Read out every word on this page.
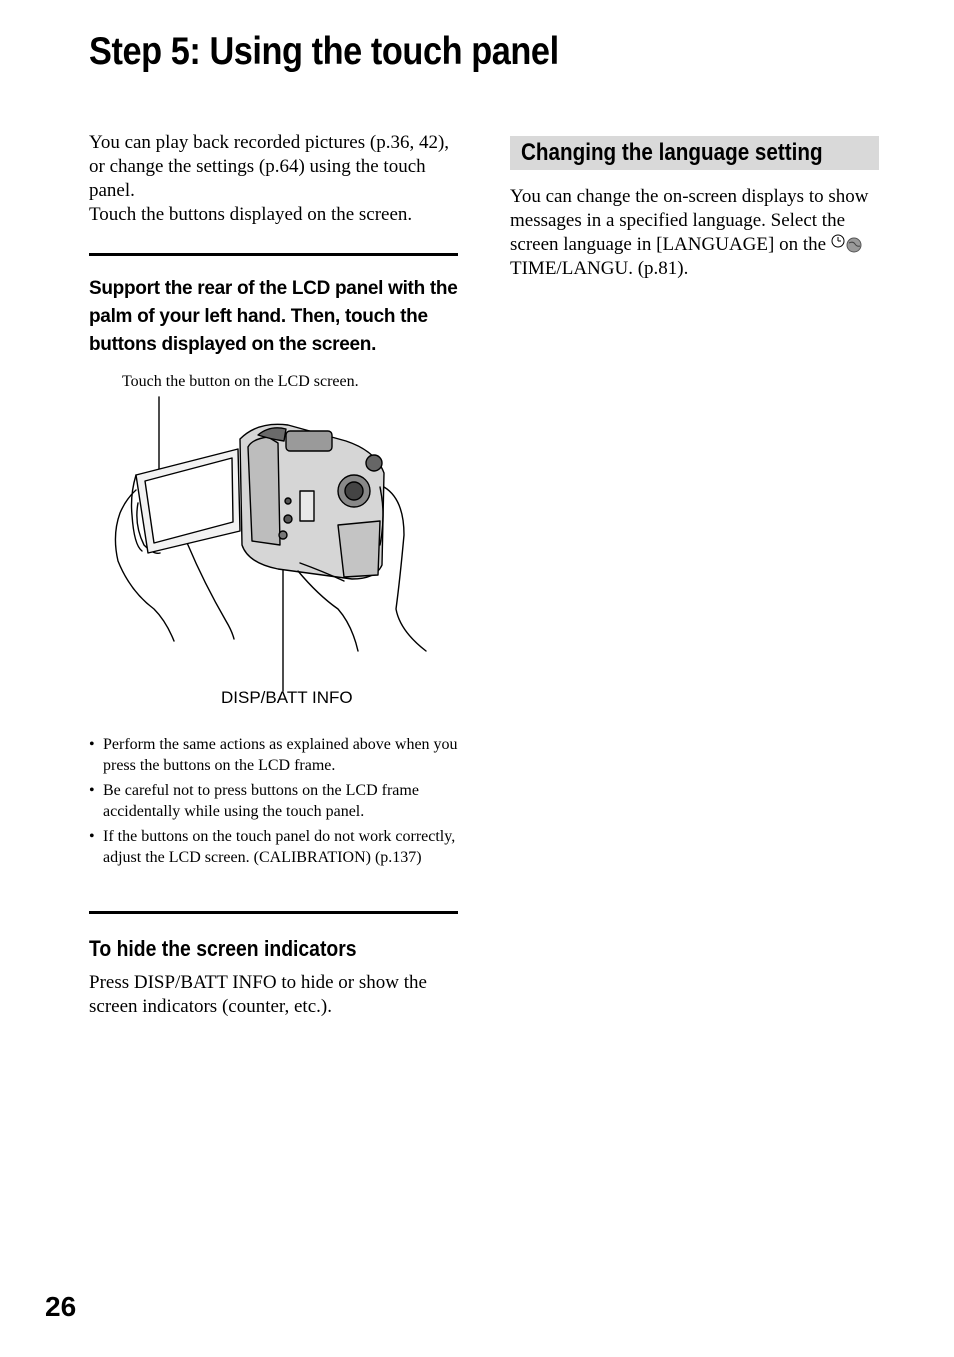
Step 5: Using the touch panel
You can play back recorded pictures (p.36, 42), or change the settings (p.64) using the touch panel.
Touch the buttons displayed on the screen.
Support the rear of the LCD panel with the palm of your left hand. Then, touch the buttons displayed on the screen.
Touch the button on the LCD screen.
DISP/BATT INFO
• Perform the same actions as explained above when you press the buttons on the LCD frame.
• Be careful not to press buttons on the LCD frame accidentally while using the touch panel.
• If the buttons on the touch panel do not work correctly, adjust the LCD screen. (CALIBRATION) (p.137)
To hide the screen indicators
Press DISP/BATT INFO to hide or show the screen indicators (counter, etc.).
Changing the language setting
You can change the on-screen displays to show messages in a specified language. Select the screen language in [LANGUAGE] on theTIME/LANGU. (p.81).
26
